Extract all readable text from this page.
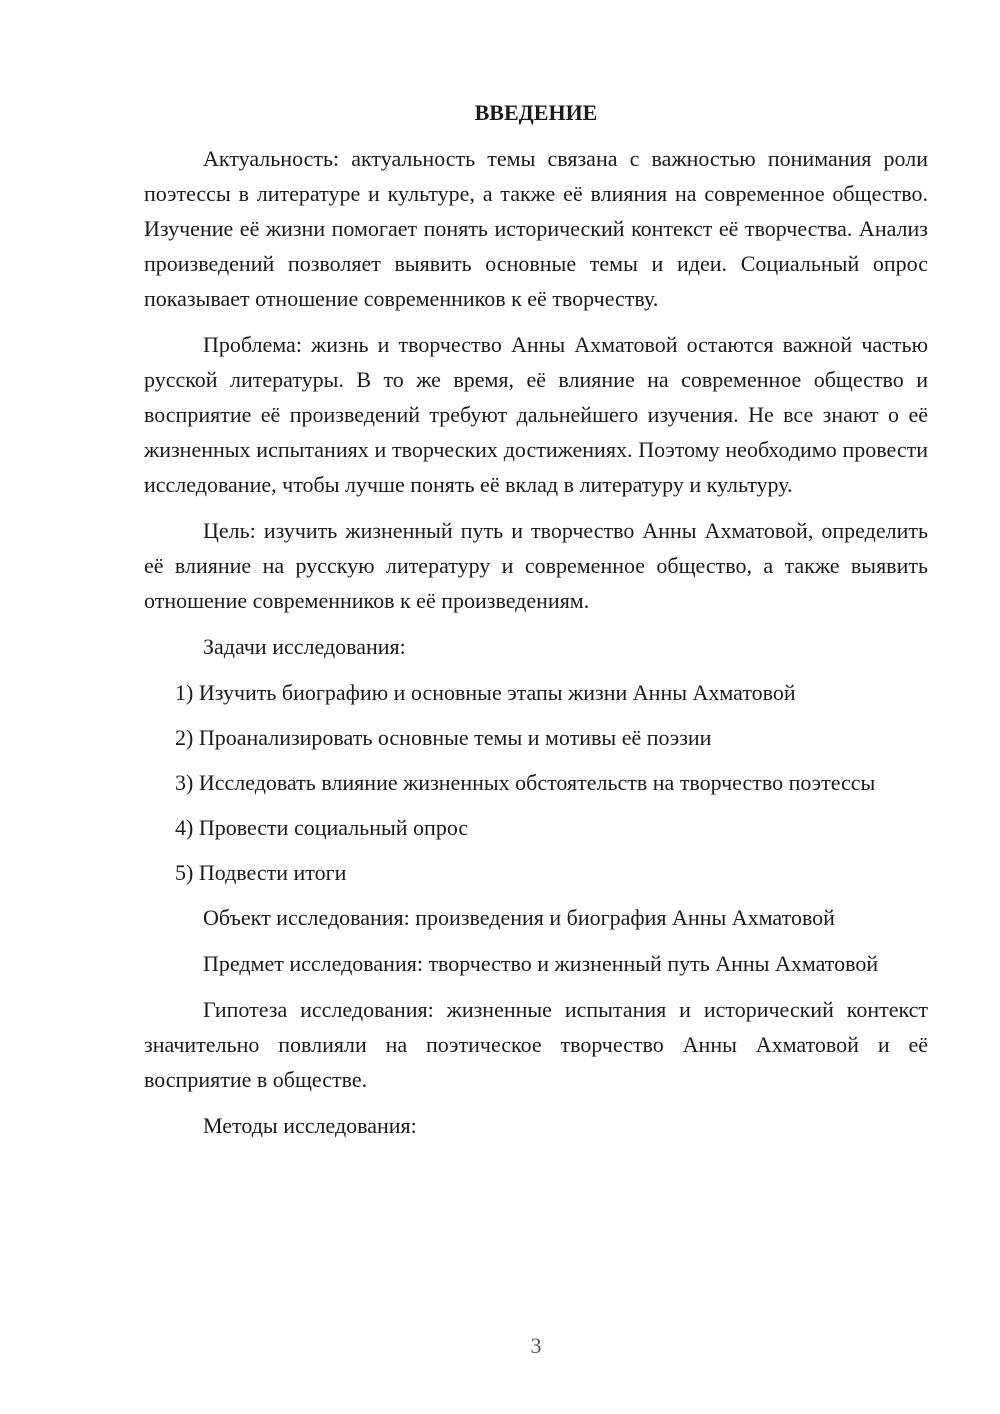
ВВЕДЕНИЕ

Актуальность: актуальность темы связана с важностью понимания роли поэтессы в литературе и культуре, а также её влияния на современное общество. Изучение её жизни помогает понять исторический контекст её творчества. Анализ произведений позволяет выявить основные темы и идеи. Социальный опрос показывает отношение современников к её творчеству.

Проблема: жизнь и творчество Анны Ахматовой остаются важной частью русской литературы. В то же время, её влияние на современное общество и восприятие её произведений требуют дальнейшего изучения. Не все знают о её жизненных испытаниях и творческих достижениях. Поэтому необходимо провести исследование, чтобы лучше понять её вклад в литературу и культуру.

Цель: изучить жизненный путь и творчество Анны Ахматовой, определить её влияние на русскую литературу и современное общество, а также выявить отношение современников к её произведениям.

Задачи исследования:

1) Изучить биографию и основные этапы жизни Анны Ахматовой

2) Проанализировать основные темы и мотивы её поэзии

3) Исследовать влияние жизненных обстоятельств на творчество поэтессы

4) Провести социальный опрос

5) Подвести итоги

Объект исследования: произведения и биография Анны Ахматовой

Предмет исследования: творчество и жизненный путь Анны Ахматовой

Гипотеза исследования: жизненные испытания и исторический контекст значительно повлияли на поэтическое творчество Анны Ахматовой и её восприятие в обществе.

Методы исследования:

3
